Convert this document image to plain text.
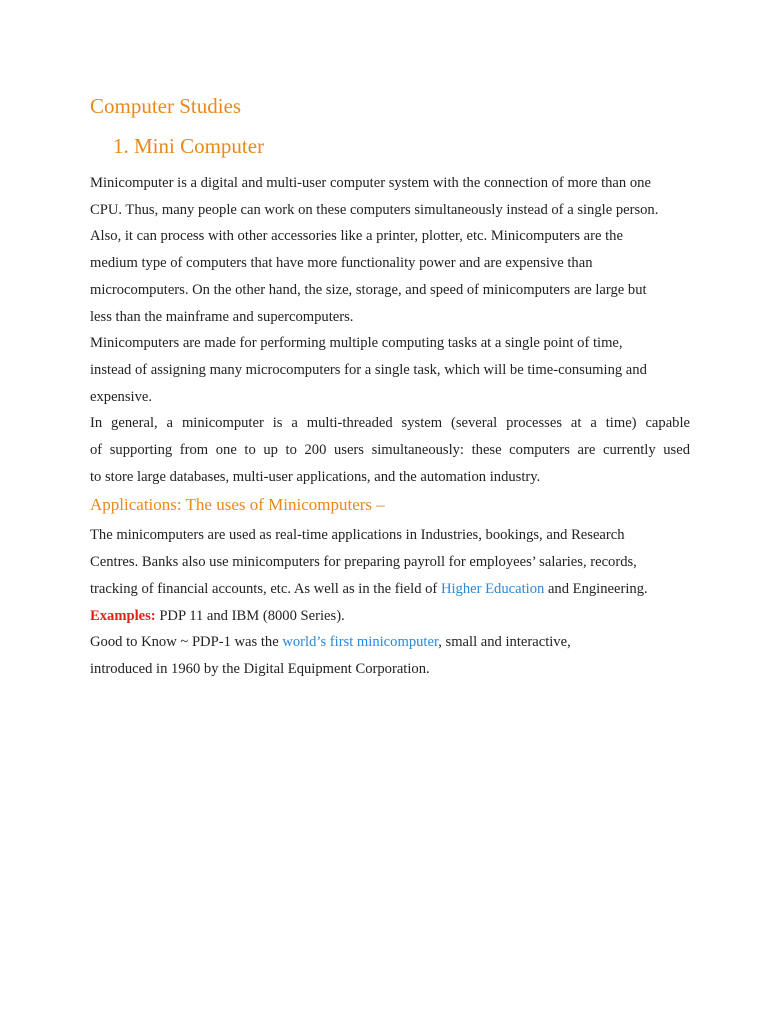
Computer Studies
1. Mini Computer

Minicomputer is a digital and multi-user computer system with the connection of more than one

CPU. Thus, many people can work on these computers simultaneously instead of a single person.

Also, it can process with other accessories like a printer, plotter, etc. Minicomputers are the

medium type of computers that have more functionality power and are expensive than

microcomputers. On the other hand, the size, storage, and speed of minicomputers are large but

less than the mainframe and supercomputers.

Minicomputers are made for performing multiple computing tasks at a single point of time,

instead of assigning many microcomputers for a single task, which will be time-consuming and

expensive.

In general, a minicomputer is a multi-threaded system (several processes at a time) capable

of supporting from one to up to 200 users simultaneously: these computers are currently used

to store large databases, multi-user applications, and the automation industry.

Applications: The uses of Minicomputers –

The minicomputers are used as real-time applications in Industries, bookings, and Research

Centres. Banks also use minicomputers for preparing payroll for employees’ salaries, records,

tracking of financial accounts, etc. As well as in the field of Higher Education and Engineering.

Examples: PDP 11 and IBM (8000 Series).

Good to Know ~ PDP-1 was the world’s first minicomputer, small and interactive,

introduced in 1960 by the Digital Equipment Corporation.
